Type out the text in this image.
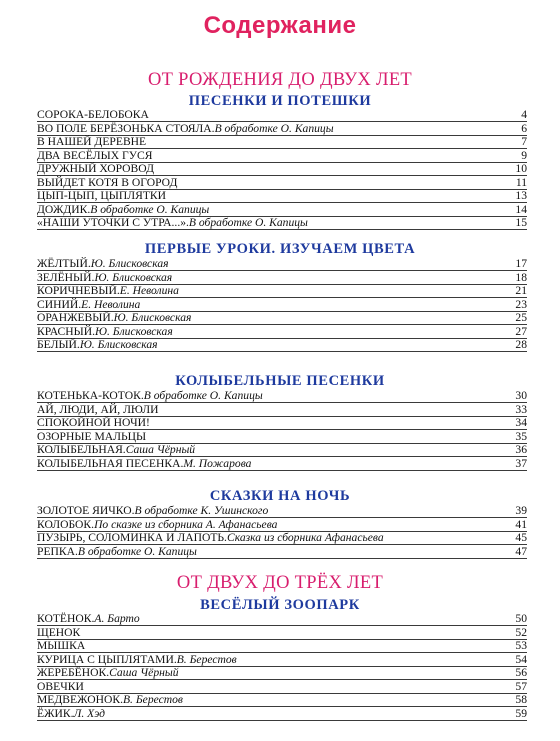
Содержание
ОТ РОЖДЕНИЯ ДО ДВУХ ЛЕТ
ПЕСЕНКИ И ПОТЕШКИ
СОРОКА-БЕЛОБОКА	4
ВО ПОЛЕ БЕРЁЗОНЬКА СТОЯЛА. В обработке О. Капицы	6
В НАШЕЙ ДЕРЕВНЕ	7
ДВА ВЕСЁЛЫХ ГУСЯ	9
ДРУЖНЫЙ ХОРОВОД	10
ВЫЙДЕТ КОТЯ В ОГОРОД	11
ЦЫП-ЦЫП, ЦЫПЛЯТКИ	13
ДОЖДИК. В обработке О. Капицы	14
«НАШИ УТОЧКИ С УТРА...». В обработке О. Капицы	15
ПЕРВЫЕ УРОКИ. ИЗУЧАЕМ ЦВЕТА
ЖЁЛТЫЙ. Ю. Блисковская	17
ЗЕЛЁНЫЙ. Ю. Блисковская	18
КОРИЧНЕВЫЙ. Е. Неволина	21
СИНИЙ. Е. Неволина	23
ОРАНЖЕВЫЙ. Ю. Блисковская	25
КРАСНЫЙ. Ю. Блисковская	27
БЕЛЫЙ. Ю. Блисковская	28
КОЛЫБЕЛЬНЫЕ ПЕСЕНКИ
КОТЕНЬКА-КОТОК. В обработке О. Капицы	30
АЙ, ЛЮДИ, АЙ, ЛЮЛИ	33
СПОКОЙНОЙ НОЧИ!	34
ОЗОРНЫЕ МАЛЬЦЫ	35
КОЛЫБЕЛЬНАЯ. Саша Чёрный	36
КОЛЫБЕЛЬНАЯ ПЕСЕНКА. М. Пожарова	37
СКАЗКИ НА НОЧЬ
ЗОЛОТОЕ ЯИЧКО. В обработке К. Ушинского	39
КОЛОБОК. По сказке из сборника А. Афанасьева	41
ПУЗЫРЬ, СОЛОМИНКА И ЛАПОТЬ. Сказка из сборника Афанасьева	45
РЕПКА. В обработке О. Капицы	47
ОТ ДВУХ ДО ТРЁХ ЛЕТ
ВЕСЁЛЫЙ ЗООПАРК
КОТЁНОК. А. Барто	50
ЩЕНОК	52
МЫШКА	53
КУРИЦА С ЦЫПЛЯТАМИ. В. Берестов	54
ЖЕРЕБЁНОК. Саша Чёрный	56
ОВЕЧКИ	57
МЕДВЕЖОНОК. В. Берестов	58
ЁЖИК. Л. Хэд	59
